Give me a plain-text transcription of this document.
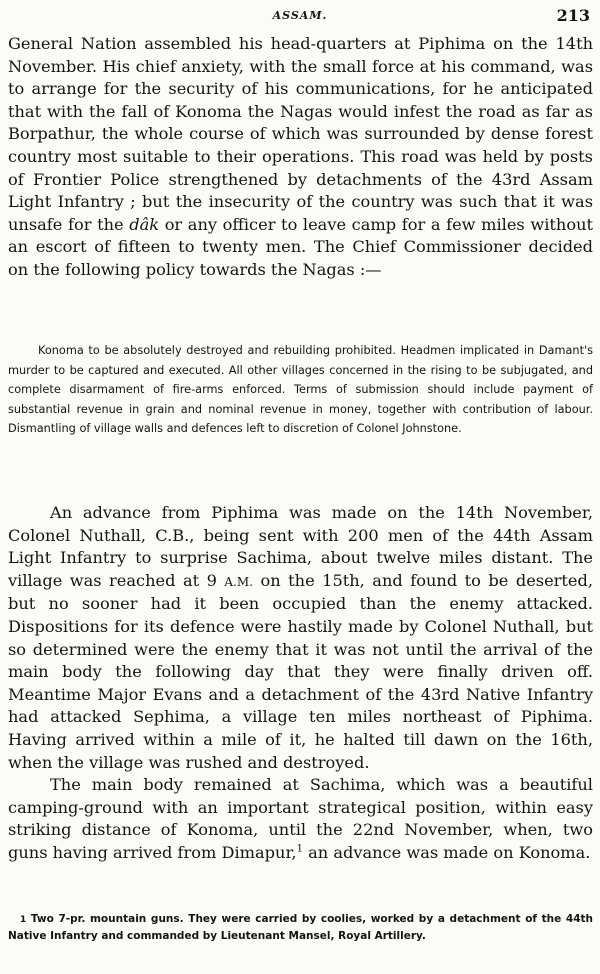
ASSAM.	213

General Nation assembled his head-quarters at Piphima on the 14th November. His chief anxiety, with the small force at his command, was to arrange for the security of his communications, for he anticipated that with the fall of Konoma the Nagas would infest the road as far as Borpathur, the whole course of which was surrounded by dense forest country most suitable to their operations. This road was held by posts of Frontier Police strengthened by detachments of the 43rd Assam Light Infantry ; but the insecurity of the country was such that it was unsafe for the dâk or any officer to leave camp for a few miles without an escort of fifteen to twenty men. The Chief Commissioner decided on the following policy towards the Nagas :—

Konoma to be absolutely destroyed and rebuilding prohibited. Headmen implicated in Damant's murder to be captured and executed. All other villages concerned in the rising to be subjugated, and complete disarmament of fire-arms enforced. Terms of submission should include payment of substantial revenue in grain and nominal revenue in money, together with contribution of labour. Dismantling of village walls and defences left to discretion of Colonel Johnstone.

An advance from Piphima was made on the 14th November, Colonel Nuthall, C.B., being sent with 200 men of the 44th Assam Light Infantry to surprise Sachima, about twelve miles distant. The village was reached at 9 A.M. on the 15th, and found to be deserted, but no sooner had it been occupied than the enemy attacked. Dispositions for its defence were hastily made by Colonel Nuthall, but so determined were the enemy that it was not until the arrival of the main body the following day that they were finally driven off. Meantime Major Evans and a detachment of the 43rd Native Infantry had attacked Sephima, a village ten miles northeast of Piphima. Having arrived within a mile of it, he halted till dawn on the 16th, when the village was rushed and destroyed.

The main body remained at Sachima, which was a beautiful camping-ground with an important strategical position, within easy striking distance of Konoma, until the 22nd November, when, two guns having arrived from Dimapur,$^1$ an advance was made on Konoma.

1 Two 7-pr. mountain guns. They were carried by coolies, worked by a detachment of the 44th Native Infantry and commanded by Lieutenant Mansel, Royal Artillery.
